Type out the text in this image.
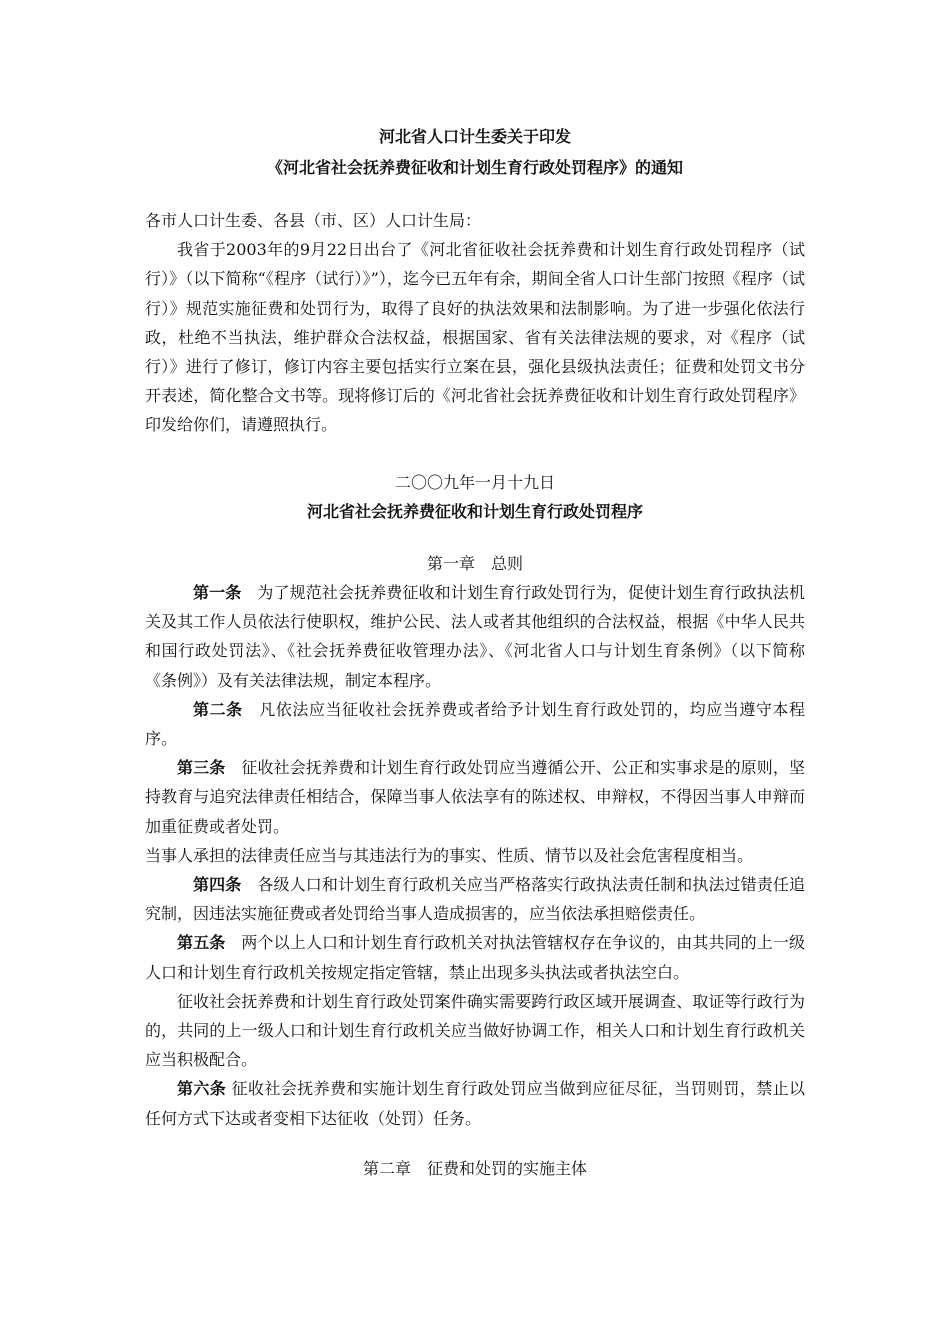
河北省人口计生委关于印发
《河北省社会抚养费征收和计划生育行政处罚程序》的通知

各市人口计生委、各县（市、区）人口计生局：

我省于2003年的9月22日出台了《河北省征收社会抚养费和计划生育行政处罚程序（试行）》（以下简称“《程序（试行）》”），迄今已五年有余，期间全省人口计生部门按照《程序（试行）》规范实施征费和处罚行为，取得了良好的执法效果和法制影响。为了进一步强化依法行政，杜绝不当执法，维护群众合法权益，根据国家、省有关法律法规的要求，对《程序（试行）》进行了修订，修订内容主要包括实行立案在县，强化县级执法责任；征费和处罚文书分开表述，简化整合文书等。现将修订后的《河北省社会抚养费征收和计划生育行政处罚程序》印发给你们，请遵照执行。

二〇〇九年一月十九日
河北省社会抚养费征收和计划生育行政处罚程序
第一章　总则

第一条　为了规范社会抚养费征收和计划生育行政处罚行为，促使计划生育行政执法机关及其工作人员依法行使职权，维护公民、法人或者其他组织的合法权益，根据《中华人民共和国行政处罚法》、《社会抚养费征收管理办法》、《河北省人口与计划生育条例》（以下简称《条例》）及有关法律法规，制定本程序。

第二条　凡依法应当征收社会抚养费或者给予计划生育行政处罚的，均应当遵守本程序。

第三条　征收社会抚养费和计划生育行政处罚应当遵循公开、公正和实事求是的原则，坚持教育与追究法律责任相结合，保障当事人依法享有的陈述权、申辩权，不得因当事人申辩而加重征费或者处罚。

当事人承担的法律责任应当与其违法行为的事实、性质、情节以及社会危害程度相当。

第四条　各级人口和计划生育行政机关应当严格落实行政执法责任制和执法过错责任追究制，因违法实施征费或者处罚给当事人造成损害的，应当依法承担赔偿责任。

第五条　两个以上人口和计划生育行政机关对执法管辖权存在争议的，由其共同的上一级人口和计划生育行政机关按规定指定管辖，禁止出现多头执法或者执法空白。

征收社会抚养费和计划生育行政处罚案件确实需要跨行政区域开展调查、取证等行政行为的，共同的上一级人口和计划生育行政机关应当做好协调工作，相关人口和计划生育行政机关应当积极配合。

第六条 征收社会抚养费和实施计划生育行政处罚应当做到应征尽征，当罚则罚，禁止以任何方式下达或者变相下达征收（处罚）任务。

第二章　征费和处罚的实施主体
